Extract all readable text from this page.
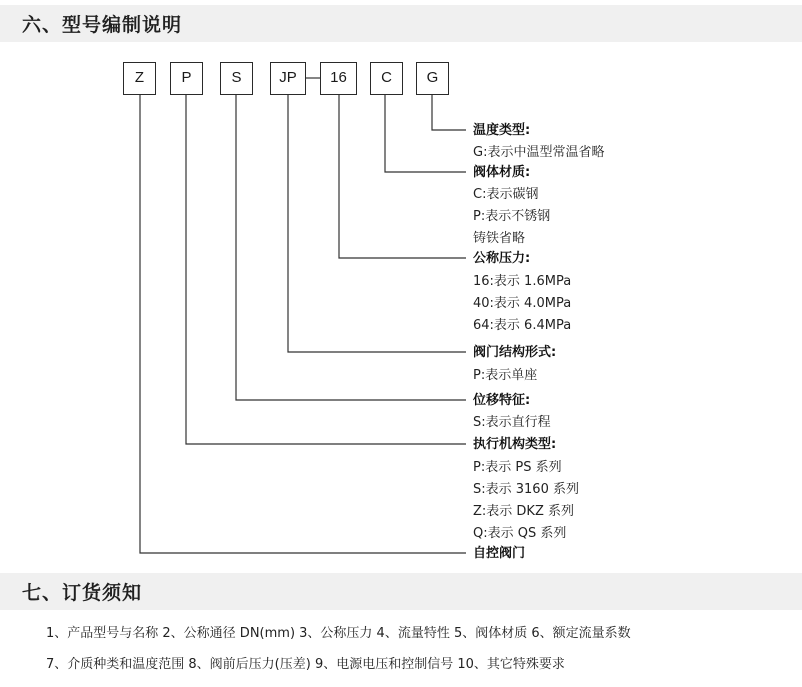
六、型号编制说明
Z	P	S	JP	16	C	G
温度类型:
G:表示中温型常温省略
阀体材质:
C:表示碳钢
P:表示不锈钢
铸铁省略
公称压力:
16:表示 1.6MPa
40:表示 4.0MPa
64:表示 6.4MPa
阀门结构形式:
P:表示单座
位移特征:
S:表示直行程
执行机构类型:
P:表示 PS 系列
S:表示 3160 系列
Z:表示 DKZ 系列
Q:表示 QS 系列
自控阀门
七、订货须知
1、产品型号与名称 2、公称通径 DN(mm) 3、公称压力 4、流量特性 5、阀体材质 6、额定流量系数
7、介质种类和温度范围 8、阀前后压力(压差) 9、电源电压和控制信号 10、其它特殊要求
